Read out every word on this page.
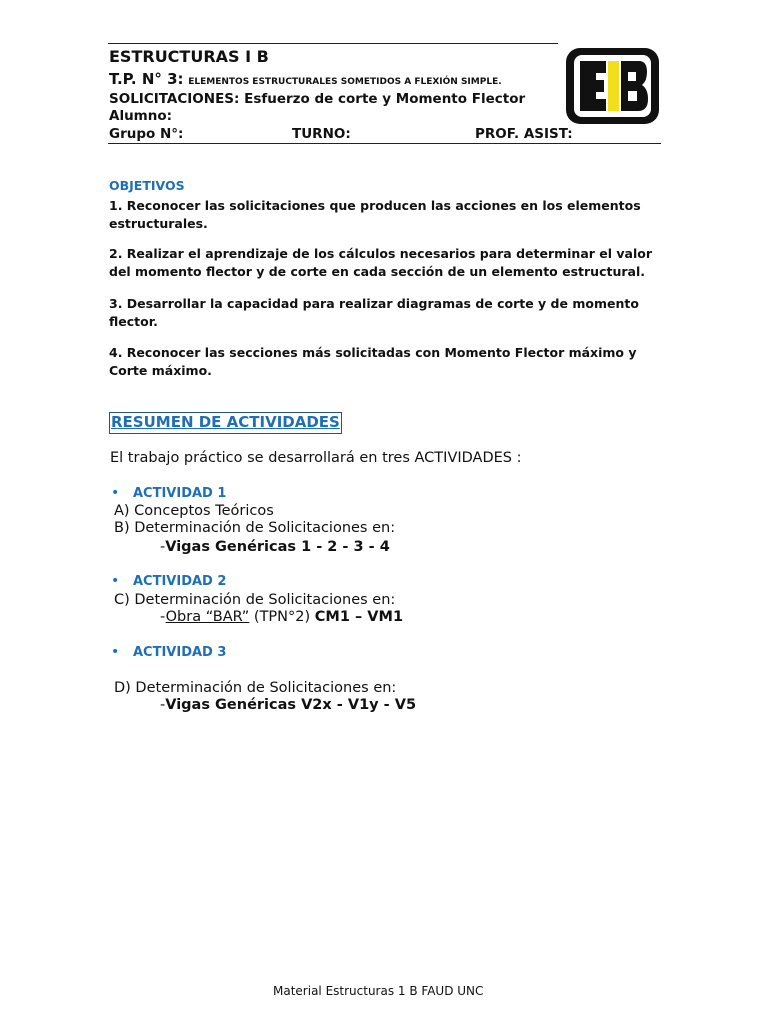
ESTRUCTURAS I B
T.P. N° 3: ELEMENTOS ESTRUCTURALES SOMETIDOS A FLEXIÓN SIMPLE.
SOLICITACIONES: Esfuerzo de corte y Momento Flector
Alumno:
Grupo N°:	TURNO:	PROF. ASIST:
OBJETIVOS
1. Reconocer las solicitaciones que producen las acciones en los elementos estructurales.
2. Realizar el aprendizaje de los cálculos necesarios para determinar el valor del momento flector y de corte en cada sección de un elemento estructural.
3. Desarrollar la capacidad para realizar diagramas de corte y de momento flector.
4. Reconocer las secciones más solicitadas con Momento Flector máximo y Corte máximo.
RESUMEN DE ACTIVIDADES
El trabajo práctico se desarrollará en tres ACTIVIDADES :
• ACTIVIDAD 1
A) Conceptos Teóricos
B) Determinación de Solicitaciones en:
-Vigas Genéricas 1 - 2 - 3 - 4
• ACTIVIDAD 2
C) Determinación de Solicitaciones en:
-Obra “BAR” (TPN°2) CM1 – VM1
• ACTIVIDAD 3
D) Determinación de Solicitaciones en:
-Vigas Genéricas V2x - V1y - V5
Material Estructuras 1 B FAUD UNC
